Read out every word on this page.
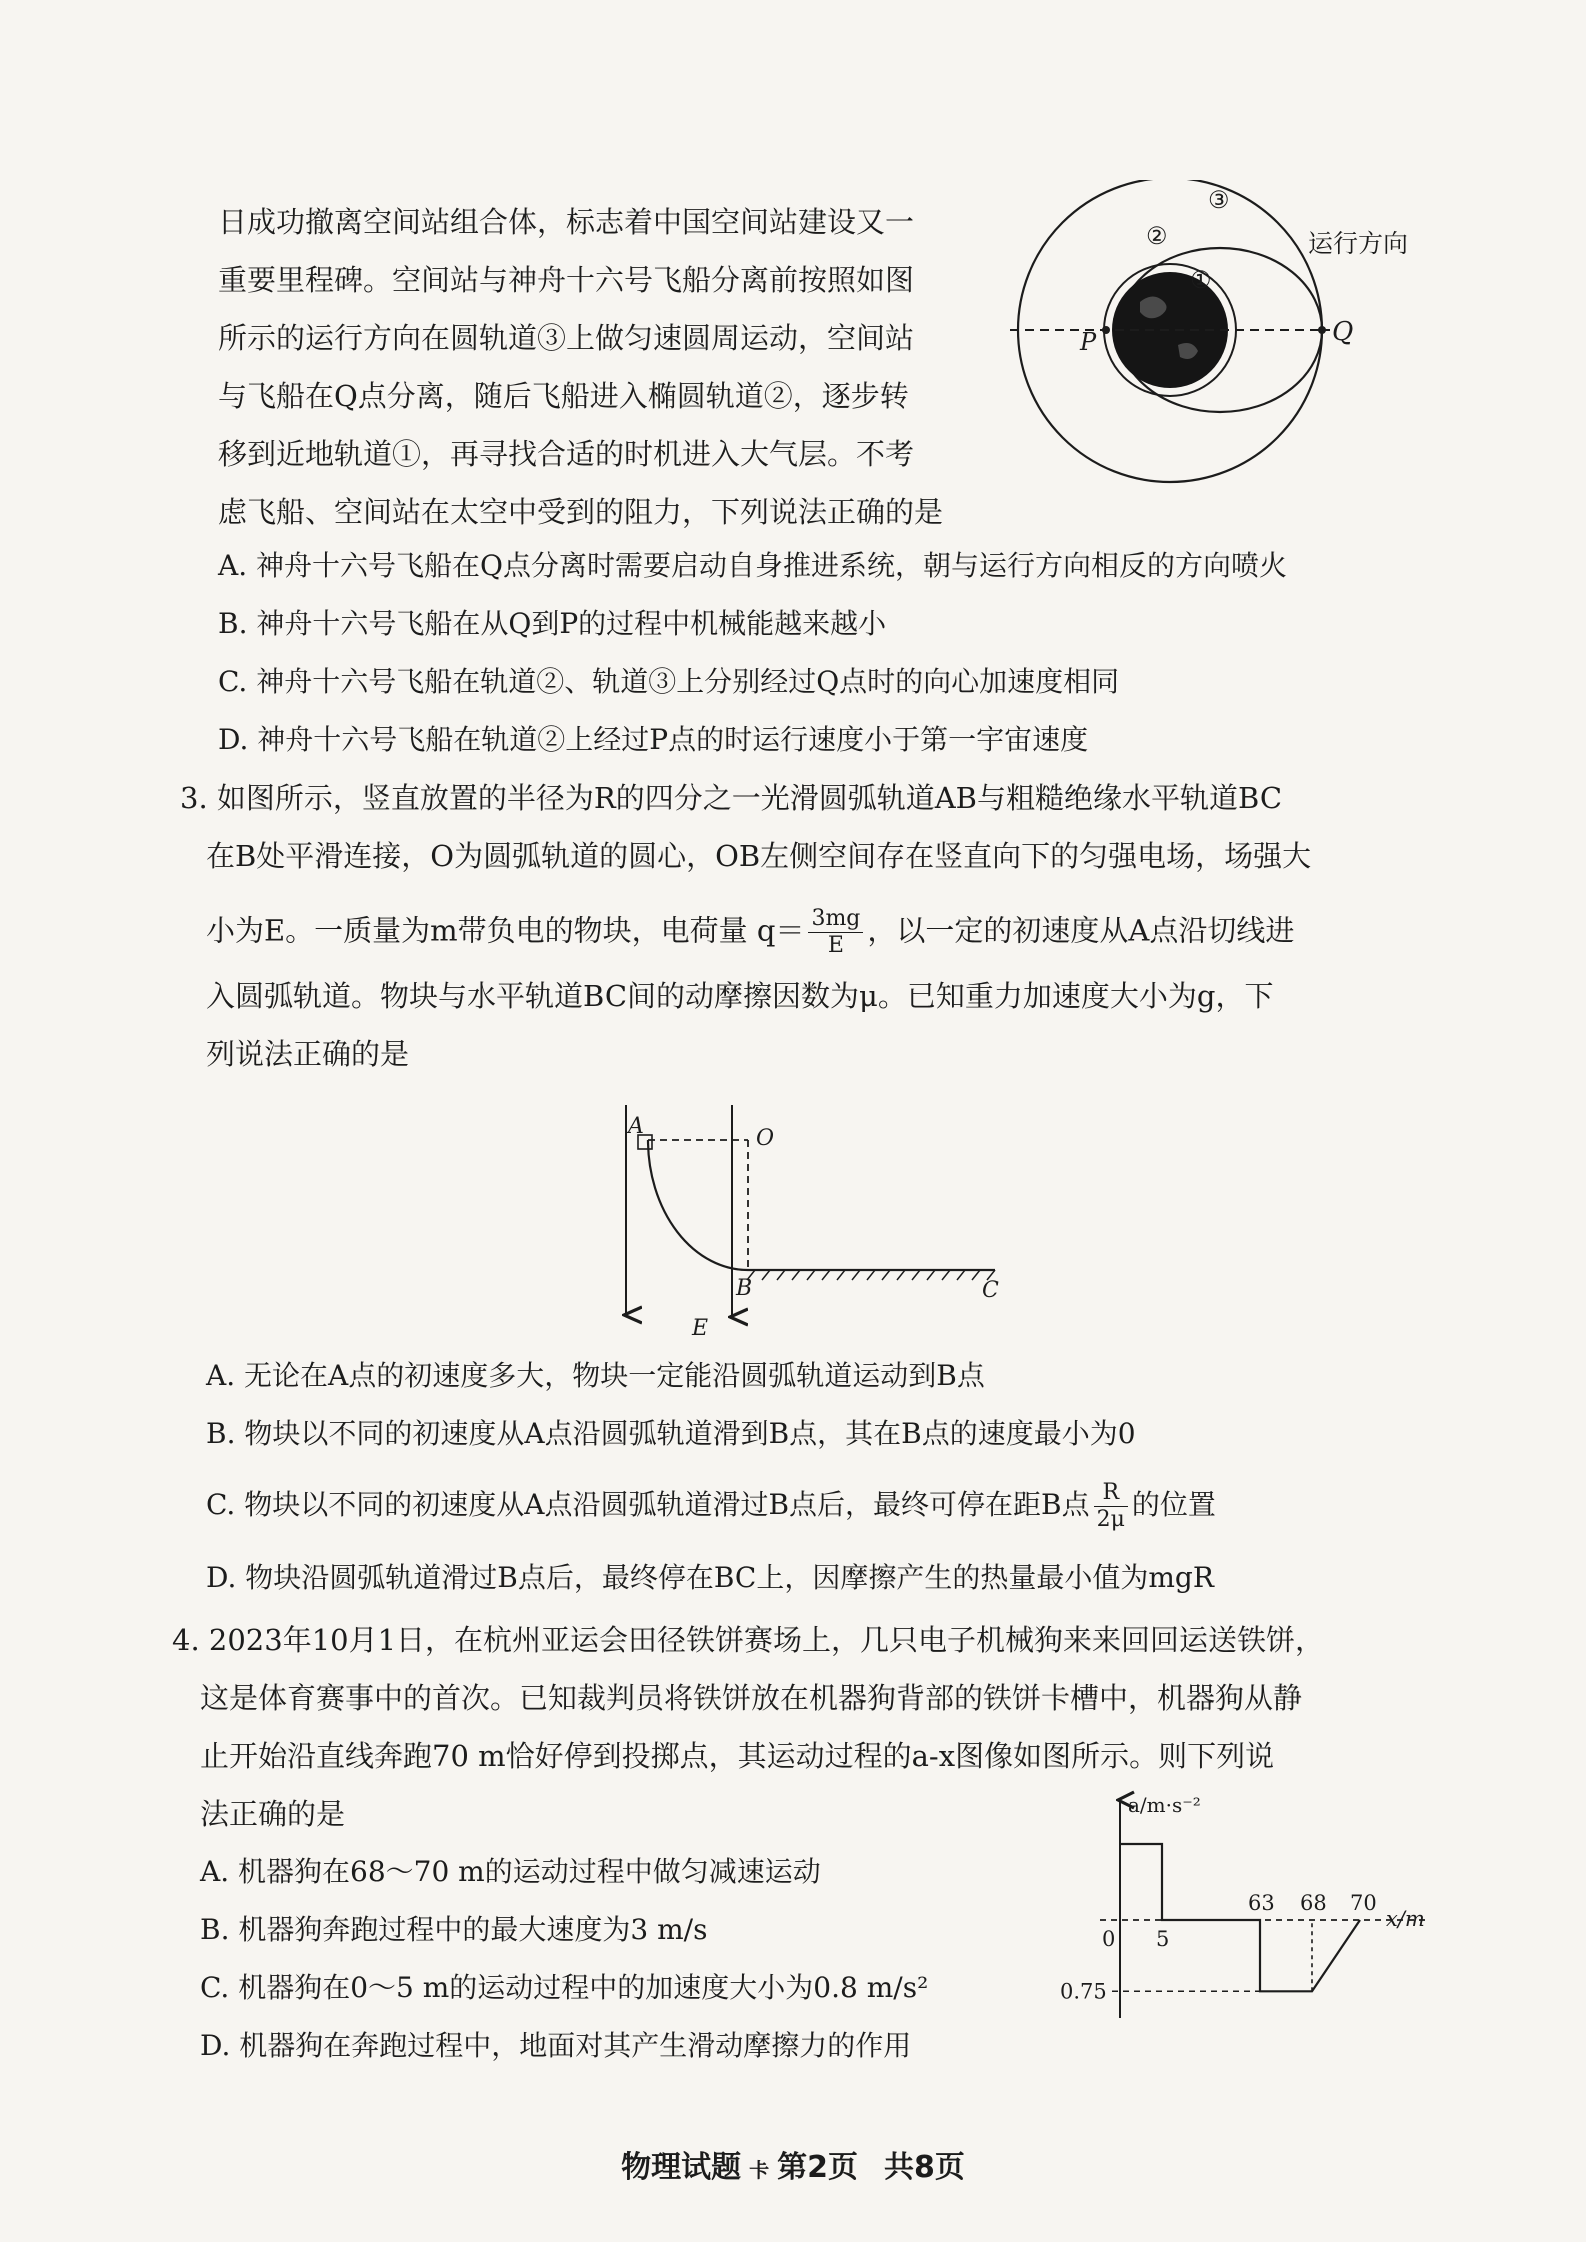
日成功撤离空间站组合体，标志着中国空间站建设又一
重要里程碑。空间站与神舟十六号飞船分离前按照如图
所示的运行方向在圆轨道③上做匀速圆周运动，空间站
与飞船在Q点分离，随后飞船进入椭圆轨道②，逐步转
移到近地轨道①，再寻找合适的时机进入大气层。不考
虑飞船、空间站在太空中受到的阻力，下列说法正确的是
③
②
①
P	Q
运行方向
A. 神舟十六号飞船在Q点分离时需要启动自身推进系统，朝与运行方向相反的方向喷火
B. 神舟十六号飞船在从Q到P的过程中机械能越来越小
C. 神舟十六号飞船在轨道②、轨道③上分别经过Q点时的向心加速度相同
D. 神舟十六号飞船在轨道②上经过P点的时运行速度小于第一宇宙速度
3. 如图所示，竖直放置的半径为R的四分之一光滑圆弧轨道AB与粗糙绝缘水平轨道BC
在B处平滑连接，O为圆弧轨道的圆心，OB左侧空间存在竖直向下的匀强电场，场强大
小为E。一质量为m带负电的物块，电荷量 $q= \frac{3mg}{E}$ ，以一定的初速度从A点沿切线进
入圆弧轨道。物块与水平轨道BC间的动摩擦因数为μ。已知重力加速度大小为g，下
列说法正确的是
A	O
B	C
E
A. 无论在A点的初速度多大，物块一定能沿圆弧轨道运动到B点
B. 物块以不同的初速度从A点沿圆弧轨道滑到B点，其在B点的速度最小为0
C. 物块以不同的初速度从A点沿圆弧轨道滑过B点后，最终可停在距B点 $\frac{R}{2\mu}$ 的位置
D. 物块沿圆弧轨道滑过B点后，最终停在BC上，因摩擦产生的热量最小值为mgR
4. 2023年10月1日，在杭州亚运会田径铁饼赛场上，几只电子机械狗来来回回运送铁饼，
这是体育赛事中的首次。已知裁判员将铁饼放在机器狗背部的铁饼卡槽中，机器狗从静
止开始沿直线奔跑70 m恰好停到投掷点，其运动过程的a-x图像如图所示。则下列说
法正确的是
A. 机器狗在68～70 m的运动过程中做匀减速运动
B. 机器狗奔跑过程中的最大速度为3 m/s
C. 机器狗在0～5 m的运动过程中的加速度大小为0.8 m/s²
D. 机器狗在奔跑过程中，地面对其产生滑动摩擦力的作用
a/m·s⁻²
x/m
0 5
63 68 70
0.75
物理试题 卡 第2页 共8页
